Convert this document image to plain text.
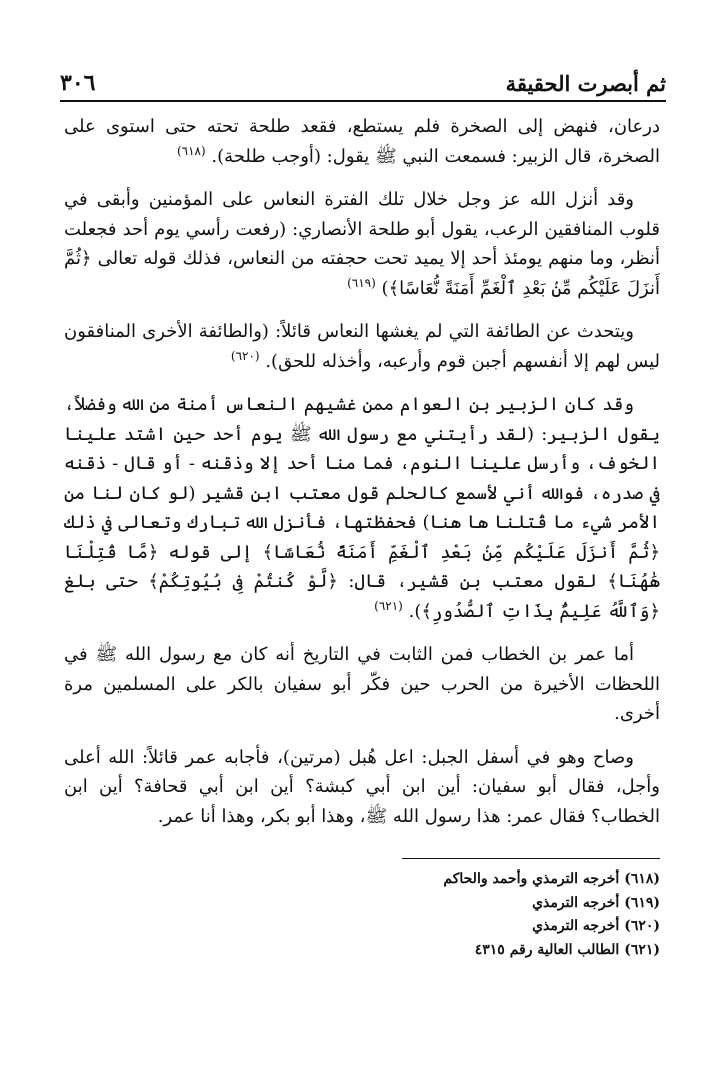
ثم أبصرت الحقيقة
٣٠٦

درعان، فنهض إلى الصخرة فلم يستطع، فقعد طلحة تحته حتى استوى على الصخرة، قال الزبير: فسمعت النبي ﷺ يقول: (أوجب طلحة). $^{(٦١٨)}$

وقد أنزل الله عز وجل خلال تلك الفترة النعاس على المؤمنين وأبقى في قلوب المنافقين الرعب، يقول أبو طلحة الأنصاري: (رفعت رأسي يوم أحد فجعلت أنظر، وما منهم يومئذ أحد إلا يميد تحت حجفته من النعاس، فذلك قوله تعالى ﴿ثُمَّ أَنزَلَ عَلَيْكُم مِّنۢ بَعْدِ ٱلْغَمِّ أَمَنَةً نُّعَاسًا﴾) $^{(٦١٩)}$

ويتحدث عن الطائفة التي لم يغشها النعاس قائلاً: (والطائفة الأخرى المنافقون ليس لهم إلا أنفسهم أجبن قوم وأرعبه، وأخذله للحق). $^{(٦٢٠)}$

وقد كان الزبير بن العوام ممن غشيهم النعاس أمنة من الله وفضلاً، يقول الزبير: (لقد رأيتني مع رسول الله ﷺ يوم أحد حين اشتد علينا الخوف، وأرسل علينا النوم، فما منا أحد إلا وذقنه - أو قال - ذقنه في صدره، فوالله أني لأسمع كالحلم قول معتب ابن قشير (لو كان لنا من الأمر شيء ما قُتلنا ها هنا) فحفظتها، فأنزل الله تبارك وتعالى في ذلك ﴿ثُمَّ أَنزَلَ عَلَيْكُم مِّنۢ بَعْدِ ٱلْغَمِّ أَمَنَةً نُّعَاسًا﴾ إلى قوله ﴿مَّا قُتِلْنَا هَٰهُنَا﴾ لقول معتب بن قشير، قال: ﴿لَّوْ كُنتُمْ فِى بُيُوتِكُمْ﴾ حتى بلغ ﴿وَٱللَّهُ عَلِيمٌۢ بِذَاتِ ٱلصُّدُورِ﴾). $^{(٦٢١)}$

أما عمر بن الخطاب فمن الثابت في التاريخ أنه كان مع رسول الله ﷺ في اللحظات الأخيرة من الحرب حين فكّر أبو سفيان بالكر على المسلمين مرة أخرى.

وصاح وهو في أسفل الجبل: اعل هُبل (مرتين)، فأجابه عمر قائلاً: الله أعلى وأجل، فقال أبو سفيان: أين ابن أبي كبشة؟ أين ابن أبي قحافة؟ أين ابن الخطاب؟ فقال عمر: هذا رسول الله ﷺ، وهذا أبو بكر، وهذا أنا عمر.

(٦١٨) أخرجه الترمذي وأحمد والحاكم
(٦١٩) أخرجه الترمذي
(٦٢٠) أخرجه الترمذي
(٦٢١) الطالب العالية رقم ٤٣١٥
